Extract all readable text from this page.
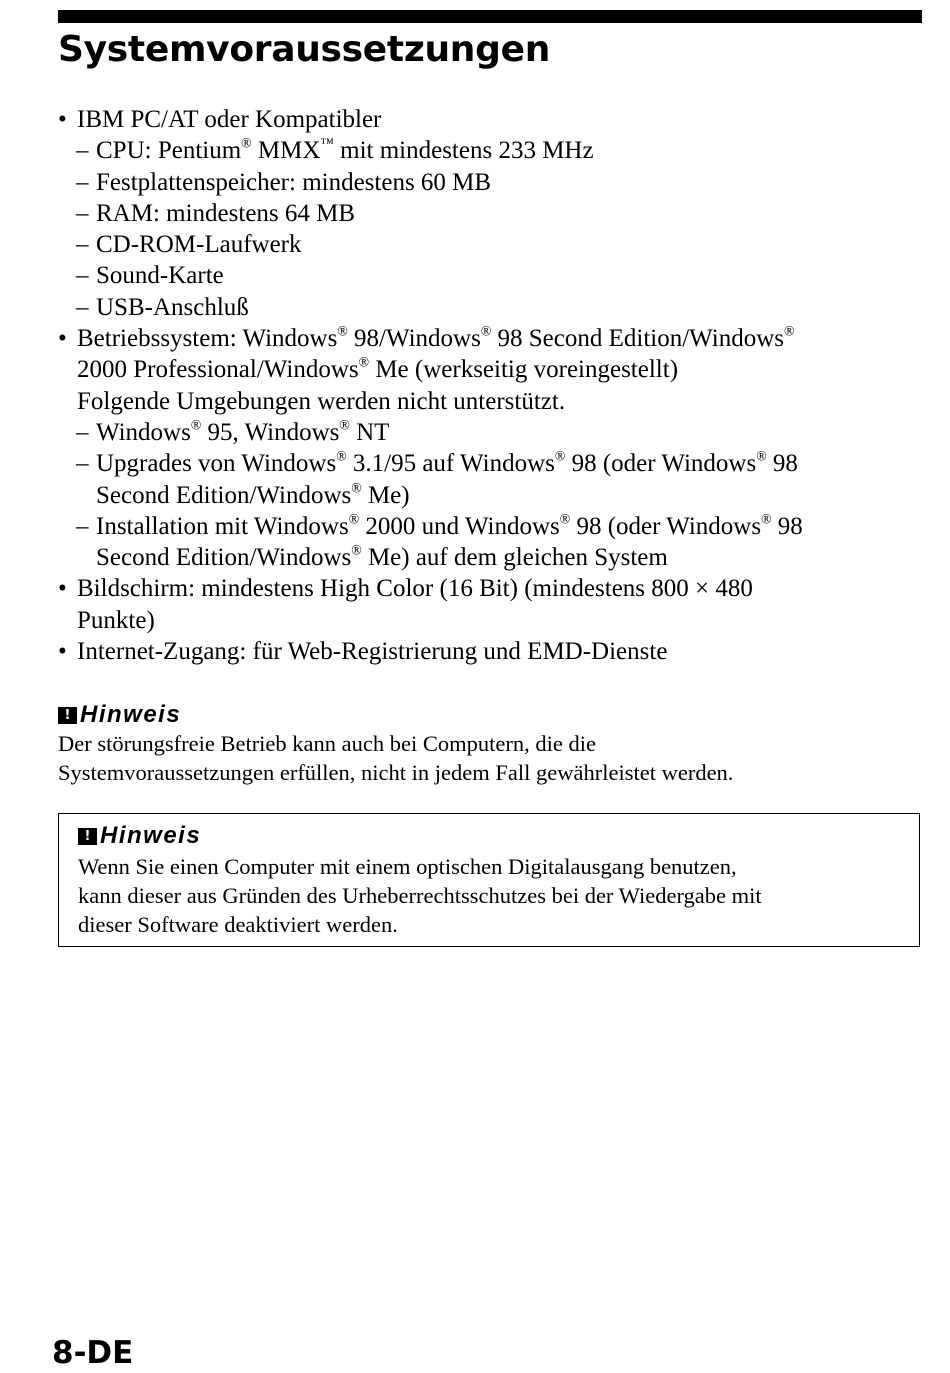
Systemvoraussetzungen
• IBM PC/AT oder Kompatibler
– CPU: Pentium® MMX™ mit mindestens 233 MHz
– Festplattenspeicher: mindestens 60 MB
– RAM: mindestens 64 MB
– CD-ROM-Laufwerk
– Sound-Karte
– USB-Anschluß
• Betriebssystem: Windows® 98/Windows® 98 Second Edition/Windows®
2000 Professional/Windows® Me (werkseitig voreingestellt)
Folgende Umgebungen werden nicht unterstützt.
– Windows® 95, Windows® NT
– Upgrades von Windows® 3.1/95 auf Windows® 98 (oder Windows® 98
Second Edition/Windows® Me)
– Installation mit Windows® 2000 und Windows® 98 (oder Windows® 98
Second Edition/Windows® Me) auf dem gleichen System
• Bildschirm: mindestens High Color (16 Bit) (mindestens 800 × 480
Punkte)
• Internet-Zugang: für Web-Registrierung und EMD-Dienste
! Hinweis
Der störungsfreie Betrieb kann auch bei Computern, die die
Systemvoraussetzungen erfüllen, nicht in jedem Fall gewährleistet werden.
! Hinweis
Wenn Sie einen Computer mit einem optischen Digitalausgang benutzen,
kann dieser aus Gründen des Urheberrechtsschutzes bei der Wiedergabe mit
dieser Software deaktiviert werden.
8-DE
